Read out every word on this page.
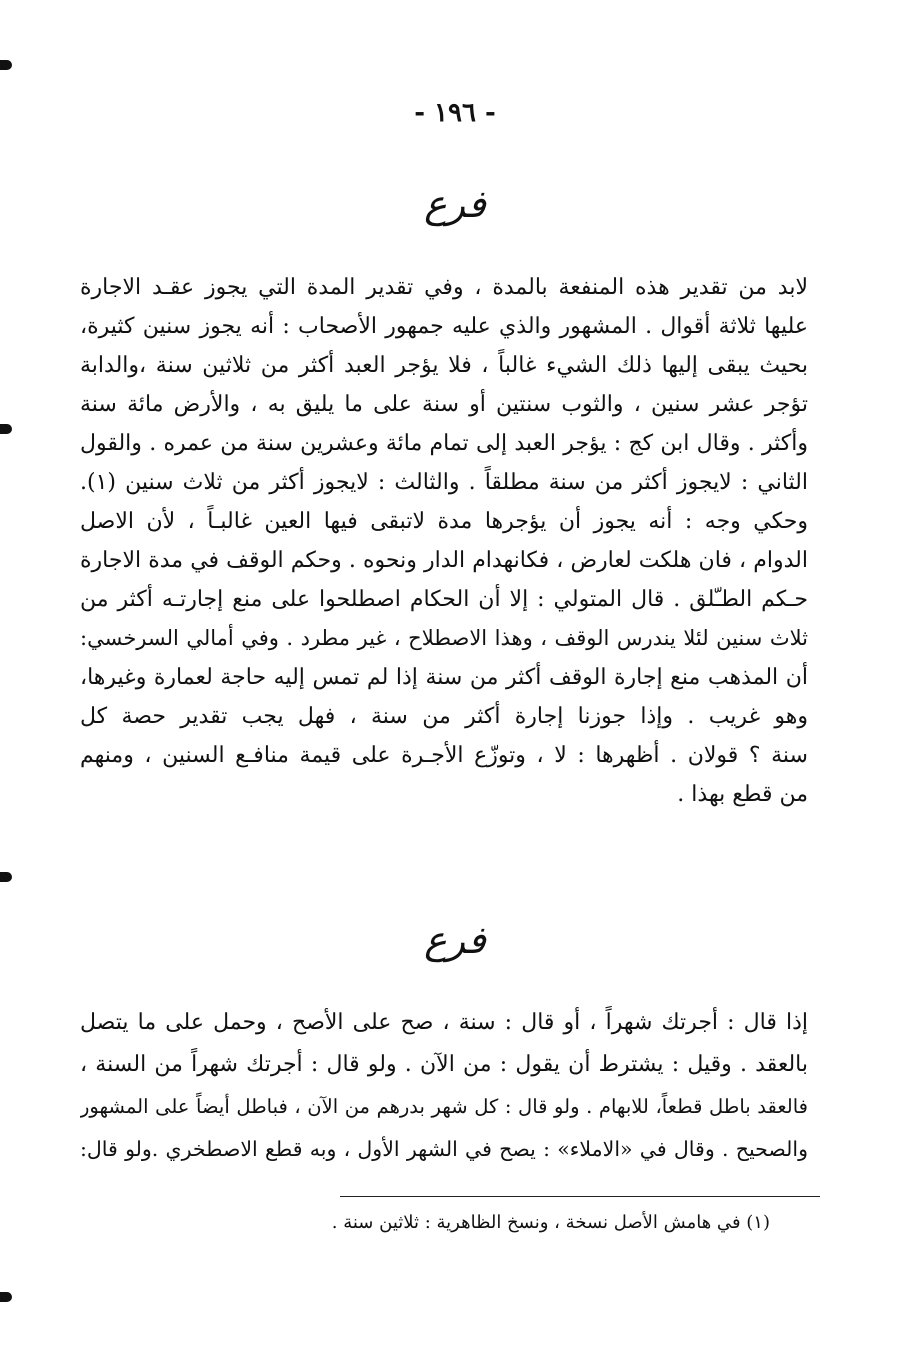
- ١٩٦ -
فرع
لابد من تقدير هذه المنفعة بالمدة ، وفي تقدير المدة التي يجوز عقـد الاجارة
عليها ثلاثة أقوال . المشهور والذي عليه جمهور الأصحاب : أنه يجوز سنين كثيرة،
بحيث يبقى إليها ذلك الشيء غالباً ، فلا يؤجر العبد أكثر من ثلاثين سنة ،والدابة
تؤجر عشر سنين ، والثوب سنتين أو سنة على ما يليق به ، والأرض مائة سنة
وأكثر . وقال ابن كج : يؤجر العبد إلى تمام مائة وعشرين سنة من عمره . والقول
الثاني : لايجوز أكثر من سنة مطلقاً . والثالث : لايجوز أكثر من ثلاث سنين (١).
وحكي وجه : أنه يجوز أن يؤجرها مدة لاتبقى فيها العين غالبـاً ، لأن الاصل
الدوام ، فان هلكت لعارض ، فكانهدام الدار ونحوه . وحكم الوقف في مدة الاجارة
حـكم الطـّلق . قال المتولي : إلا أن الحكام اصطلحوا على منع إجارتـه أكثر من
ثلاث سنين لئلا يندرس الوقف ، وهذا الاصطلاح ، غير مطرد . وفي أمالي السرخسي:
أن المذهب منع إجارة الوقف أكثر من سنة إذا لم تمس إليه حاجة لعمارة وغيرها،
وهو غريب . وإذا جوزنا إجارة أكثر من سنة ، فهل يجب تقدير حصة كل
سنة ؟ قولان . أظهرها : لا ، وتوزّع الأجـرة على قيمة منافـع السنين ، ومنهم
من قطع بهذا .
فرع
إذا قال : أجرتك شهراً ، أو قال : سنة ، صح على الأصح ، وحمل على ما يتصل
بالعقد . وقيل : يشترط أن يقول : من الآن . ولو قال : أجرتك شهراً من السنة ،
فالعقد باطل قطعاً، للابهام . ولو قال : كل شهر بدرهم من الآن ، فباطل أيضاً على المشهور
والصحيح . وقال في «الاملاء» : يصح في الشهر الأول ، وبه قطع الاصطخري .ولو قال:
(١) في هامش الأصل نسخة ، ونسخ الظاهرية : ثلاثين سنة .
